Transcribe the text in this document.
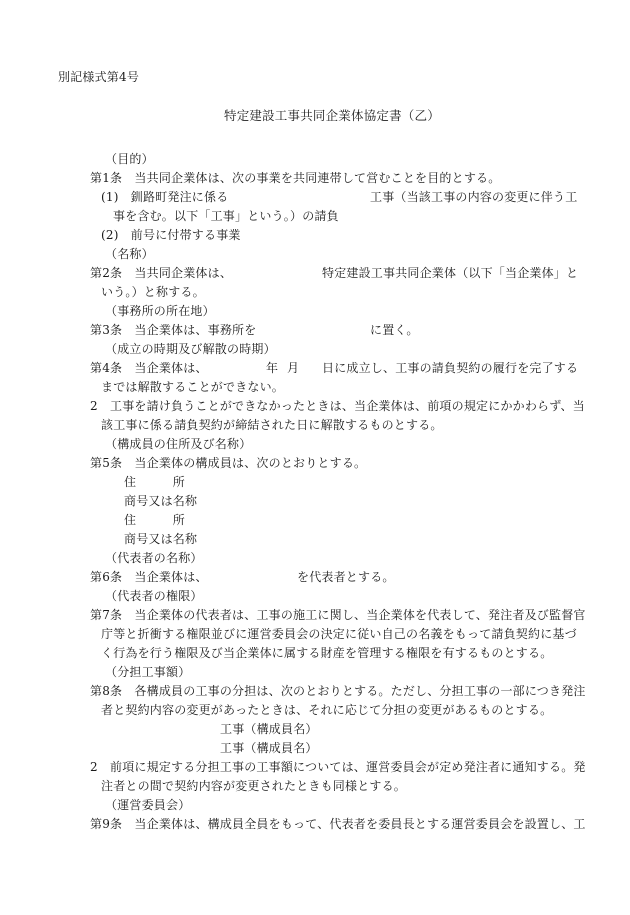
別記様式第4号
特定建設工事共同企業体協定書（乙）
（目的）
第1条　当共同企業体は、次の事業を共同連帯して営むことを目的とする。
(1)　釧路町発注に係る	工事（当該工事の内容の変更に伴う工
事を含む。以下「工事」という。）の請負
(2)　前号に付帯する事業
（名称）
第2条　当共同企業体は、	特定建設工事共同企業体（以下「当企業体」と
いう。）と称する。
（事務所の所在地）
第3条　当企業体は、事務所を	に置く。
（成立の時期及び解散の時期）
第4条　当企業体は、	年 月 日に成立し、工事の請負契約の履行を完了する
までは解散することができない。
2　工事を請け負うことができなかったときは、当企業体は、前項の規定にかかわらず、当
該工事に係る請負契約が締結された日に解散するものとする。
（構成員の住所及び名称）
第5条　当企業体の構成員は、次のとおりとする。
住　　　所
商号又は名称
住　　　所
商号又は名称
（代表者の名称）
第6条　当企業体は、	を代表者とする。
（代表者の権限）
第7条　当企業体の代表者は、工事の施工に関し、当企業体を代表して、発注者及び監督官
庁等と折衝する権限並びに運営委員会の決定に従い自己の名義をもって請負契約に基づ
く行為を行う権限及び当企業体に属する財産を管理する権限を有するものとする。
（分担工事額）
第8条　各構成員の工事の分担は、次のとおりとする。ただし、分担工事の一部につき発注
者と契約内容の変更があったときは、それに応じて分担の変更があるものとする。
工事（構成員名）
工事（構成員名）
2　前項に規定する分担工事の工事額については、運営委員会が定め発注者に通知する。発
注者との間で契約内容が変更されたときも同様とする。
（運営委員会）
第9条　当企業体は、構成員全員をもって、代表者を委員長とする運営委員会を設置し、工
